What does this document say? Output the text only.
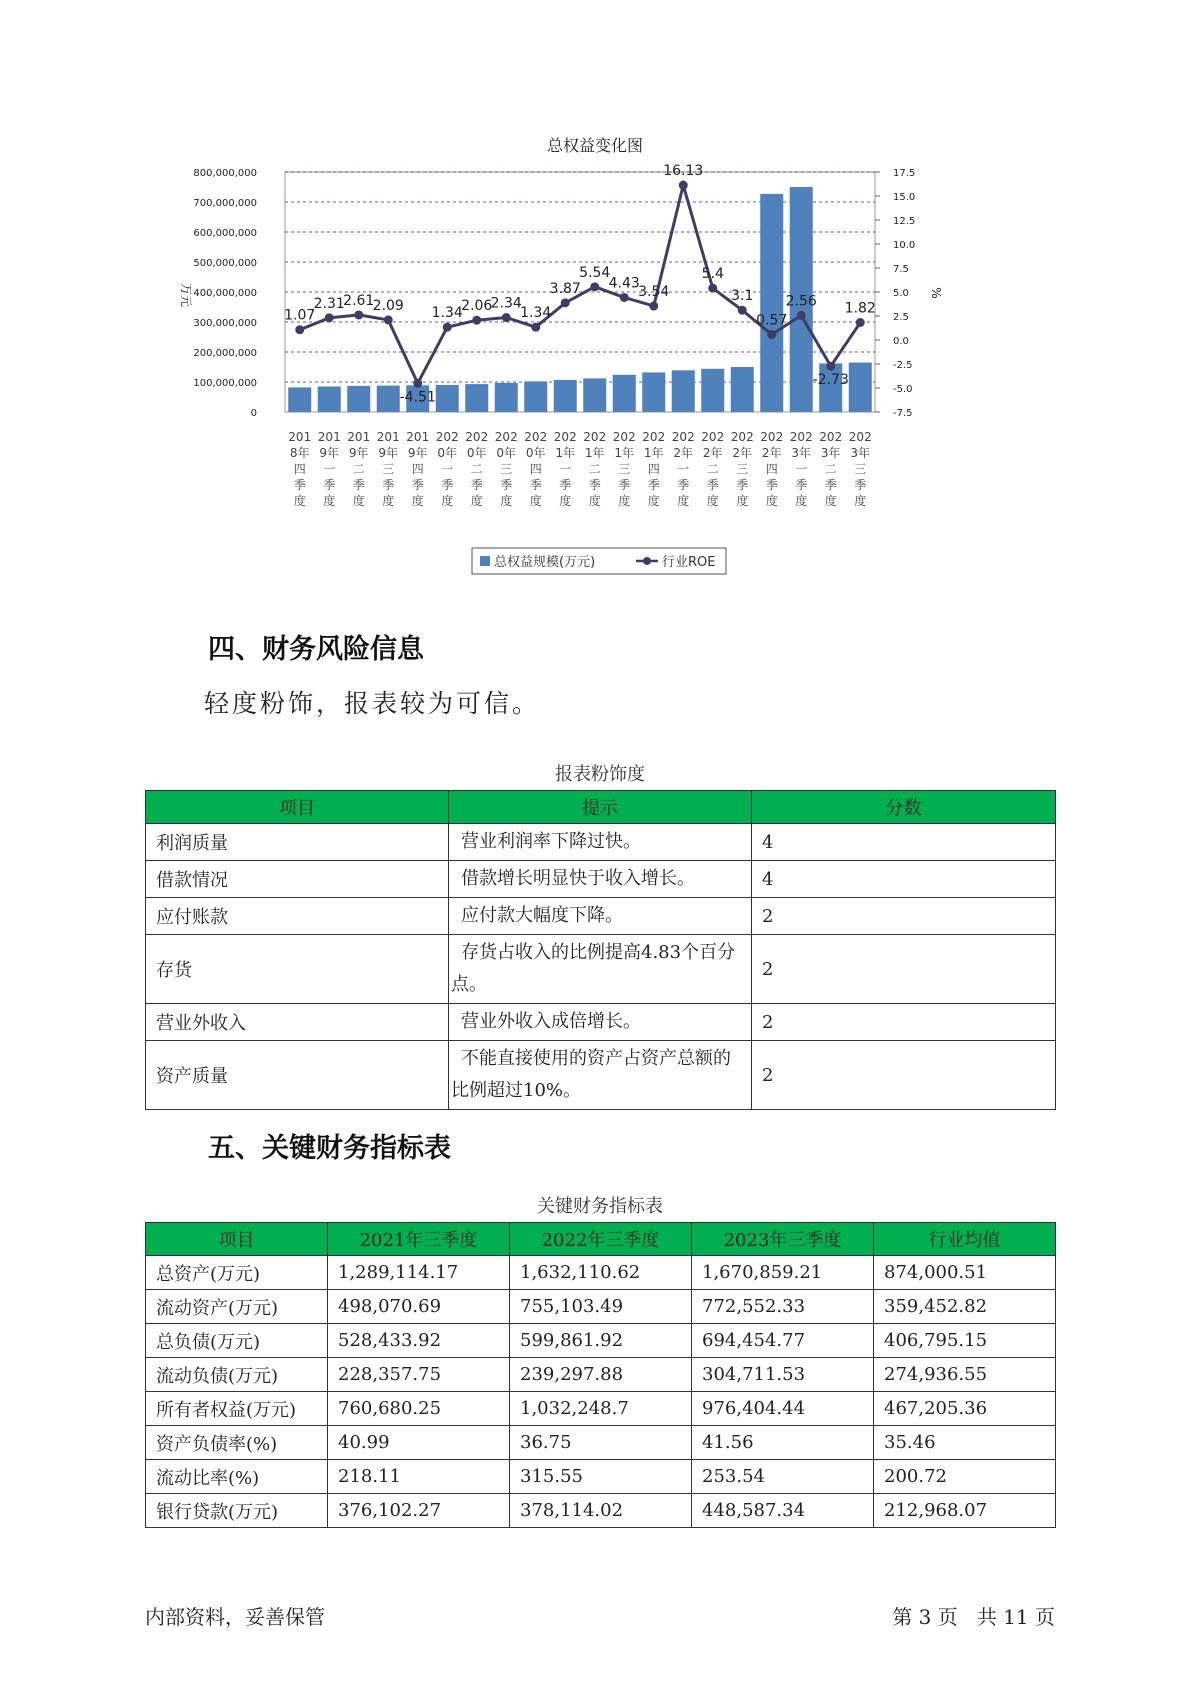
总权益变化图
0
100,000,000
200,000,000
300,000,000
400,000,000
500,000,000
600,000,000
700,000,000
800,000,000
-7.5
-5.0
-2.5
0.0
2.5
5.0
7.5
10.0
12.5
15.0
17.5
万元	%
1.07
2.31
2.61
2.09
-4.51
1.34
2.06
2.34
1.34
3.87
5.54
4.43
3.54
16.13
5.4
3.1
0.57
2.56
-2.73
1.82
201
8年
四
季
度
201
9年
一
季
度
201
9年
二
季
度
201
9年
三
季
度
201
9年
四
季
度
202
0年
一
季
度
202
0年
二
季
度
202
0年
三
季
度
202
0年
四
季
度
202
1年
一
季
度
202
1年
二
季
度
202
1年
三
季
度
202
1年
四
季
度
202
2年
一
季
度
202
2年
二
季
度
202
2年
三
季
度
202
2年
四
季
度
202
3年
一
季
度
202
3年
二
季
度
202
3年
三
季
度
总权益规模(万元)	行业ROE
四、财务风险信息

轻度粉饰，报表较为可信。

报表粉饰度
项目	提示	分数
利润质量	营业利润率下降过快。	4
借款情况	借款增长明显快于收入增长。	4
应付账款	应付款大幅度下降。	2
存货	存货占收入的比例提高4.83个百分点。	2
营业外收入	营业外收入成倍增长。	2
资产质量	不能直接使用的资产占资产总额的比例超过10%。	2
五、关键财务指标表
关键财务指标表
项目	2021年三季度	2022年三季度	2023年三季度	行业均值
总资产(万元)	1,289,114.17	1,632,110.62	1,670,859.21	874,000.51
流动资产(万元)	498,070.69	755,103.49	772,552.33	359,452.82
总负债(万元)	528,433.92	599,861.92	694,454.77	406,795.15
流动负债(万元)	228,357.75	239,297.88	304,711.53	274,936.55
所有者权益(万元)	760,680.25	1,032,248.7	976,404.44	467,205.36
资产负债率(%)	40.99	36.75	41.56	35.46
流动比率(%)	218.11	315.55	253.54	200.72
银行贷款(万元)	376,102.27	378,114.02	448,587.34	212,968.07
内部资料，妥善保管	第 3 页   共 11 页
